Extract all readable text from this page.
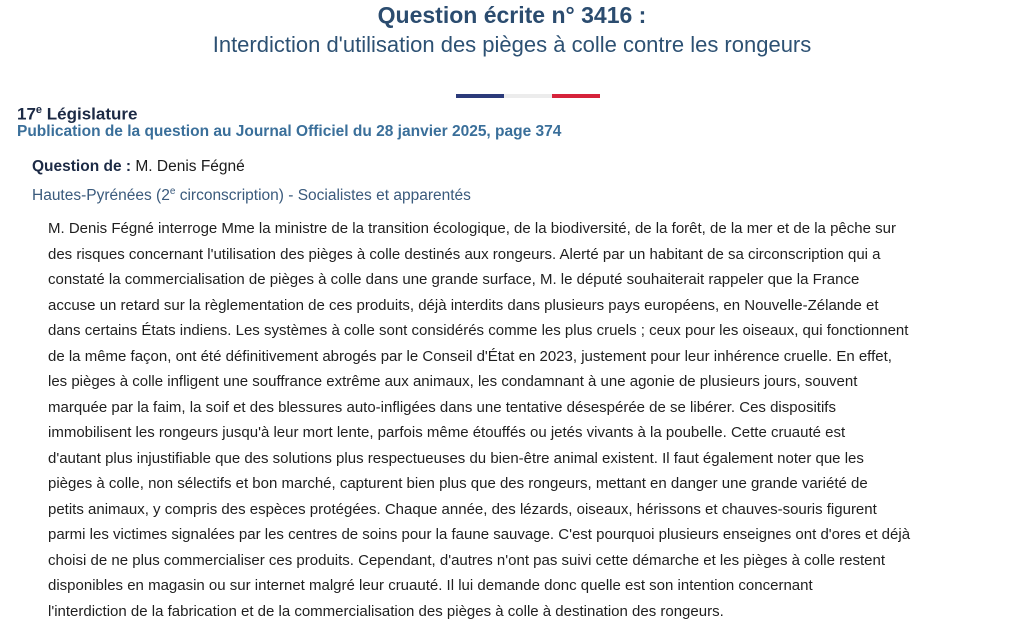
Question écrite n° 3416 :
Interdiction d'utilisation des pièges à colle contre les rongeurs
17e Législature
Publication de la question au Journal Officiel du 28 janvier 2025, page 374
Question de : M. Denis Fégné
Hautes-Pyrénées (2e circonscription) - Socialistes et apparentés
M. Denis Fégné interroge Mme la ministre de la transition écologique, de la biodiversité, de la forêt, de la mer et de la pêche sur
des risques concernant l'utilisation des pièges à colle destinés aux rongeurs. Alerté par un habitant de sa circonscription qui a
constaté la commercialisation de pièges à colle dans une grande surface, M. le député souhaiterait rappeler que la France
accuse un retard sur la règlementation de ces produits, déjà interdits dans plusieurs pays européens, en Nouvelle-Zélande et
dans certains États indiens. Les systèmes à colle sont considérés comme les plus cruels ; ceux pour les oiseaux, qui fonctionnent
de la même façon, ont été définitivement abrogés par le Conseil d'État en 2023, justement pour leur inhérence cruelle. En effet,
les pièges à colle infligent une souffrance extrême aux animaux, les condamnant à une agonie de plusieurs jours, souvent
marquée par la faim, la soif et des blessures auto-infligées dans une tentative désespérée de se libérer. Ces dispositifs
immobilisent les rongeurs jusqu'à leur mort lente, parfois même étouffés ou jetés vivants à la poubelle. Cette cruauté est
d'autant plus injustifiable que des solutions plus respectueuses du bien-être animal existent. Il faut également noter que les
pièges à colle, non sélectifs et bon marché, capturent bien plus que des rongeurs, mettant en danger une grande variété de
petits animaux, y compris des espèces protégées. Chaque année, des lézards, oiseaux, hérissons et chauves-souris figurent
parmi les victimes signalées par les centres de soins pour la faune sauvage. C'est pourquoi plusieurs enseignes ont d'ores et déjà
choisi de ne plus commercialiser ces produits. Cependant, d'autres n'ont pas suivi cette démarche et les pièges à colle restent
disponibles en magasin ou sur internet malgré leur cruauté. Il lui demande donc quelle est son intention concernant
l'interdiction de la fabrication et de la commercialisation des pièges à colle à destination des rongeurs.
